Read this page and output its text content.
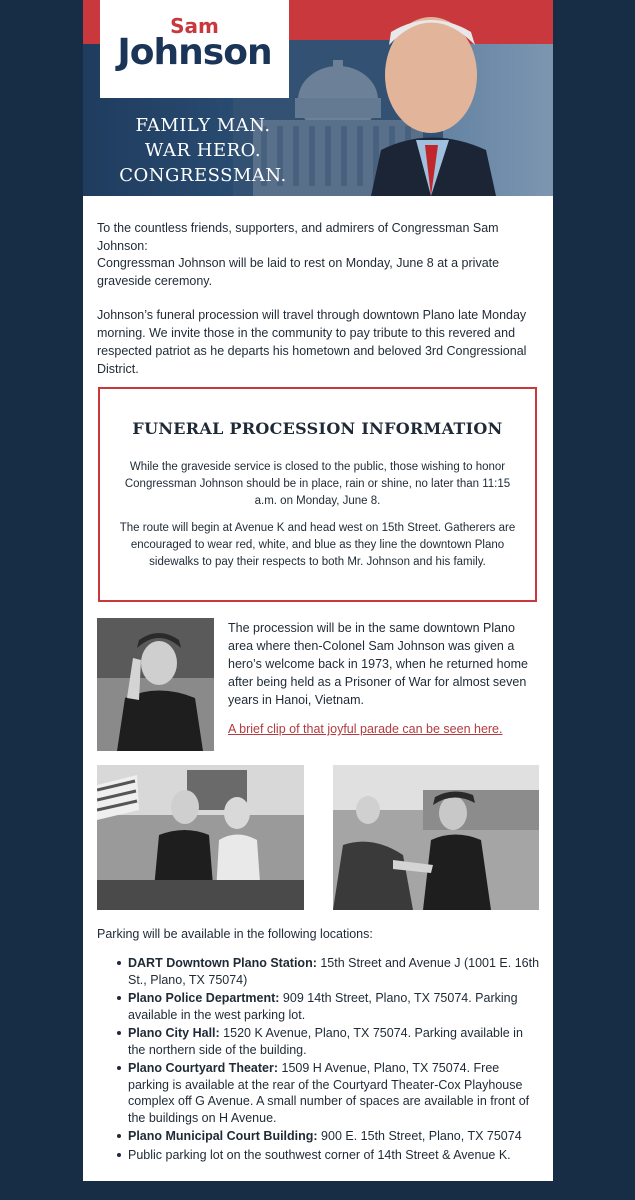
Sam
Johnson
FAMILY MAN.
WAR HERO.
CONGRESSMAN.
To the countless friends, supporters, and admirers of Congressman Sam Johnson:
Congressman Johnson will be laid to rest on Monday, June 8 at a private graveside ceremony.
Johnson’s funeral procession will travel through downtown Plano late Monday morning. We invite those in the community to pay tribute to this revered and respected patriot as he departs his hometown and beloved 3rd Congressional District.
FUNERAL PROCESSION INFORMATION
While the graveside service is closed to the public, those wishing to honor Congressman Johnson should be in place, rain or shine, no later than 11:15 a.m. on Monday, June 8.
The route will begin at Avenue K and head west on 15th Street. Gatherers are encouraged to wear red, white, and blue as they line the downtown Plano sidewalks to pay their respects to both Mr. Johnson and his family.
The procession will be in the same downtown Plano area where then-Colonel Sam Johnson was given a hero’s welcome back in 1973, when he returned home after being held as a Prisoner of War for almost seven years in Hanoi, Vietnam.
A brief clip of that joyful parade can be seen here.
Parking will be available in the following locations:
DART Downtown Plano Station: 15th Street and Avenue J (1001 E. 16th St., Plano, TX 75074)
Plano Police Department: 909 14th Street, Plano, TX 75074. Parking available in the west parking lot.
Plano City Hall: 1520 K Avenue, Plano, TX 75074. Parking available in the northern side of the building.
Plano Courtyard Theater: 1509 H Avenue, Plano, TX 75074. Free parking is available at the rear of the Courtyard Theater-Cox Playhouse complex off G Avenue. A small number of spaces are available in front of the buildings on H Avenue.
Plano Municipal Court Building: 900 E. 15th Street, Plano, TX 75074
Public parking lot on the southwest corner of 14th Street & Avenue K.
